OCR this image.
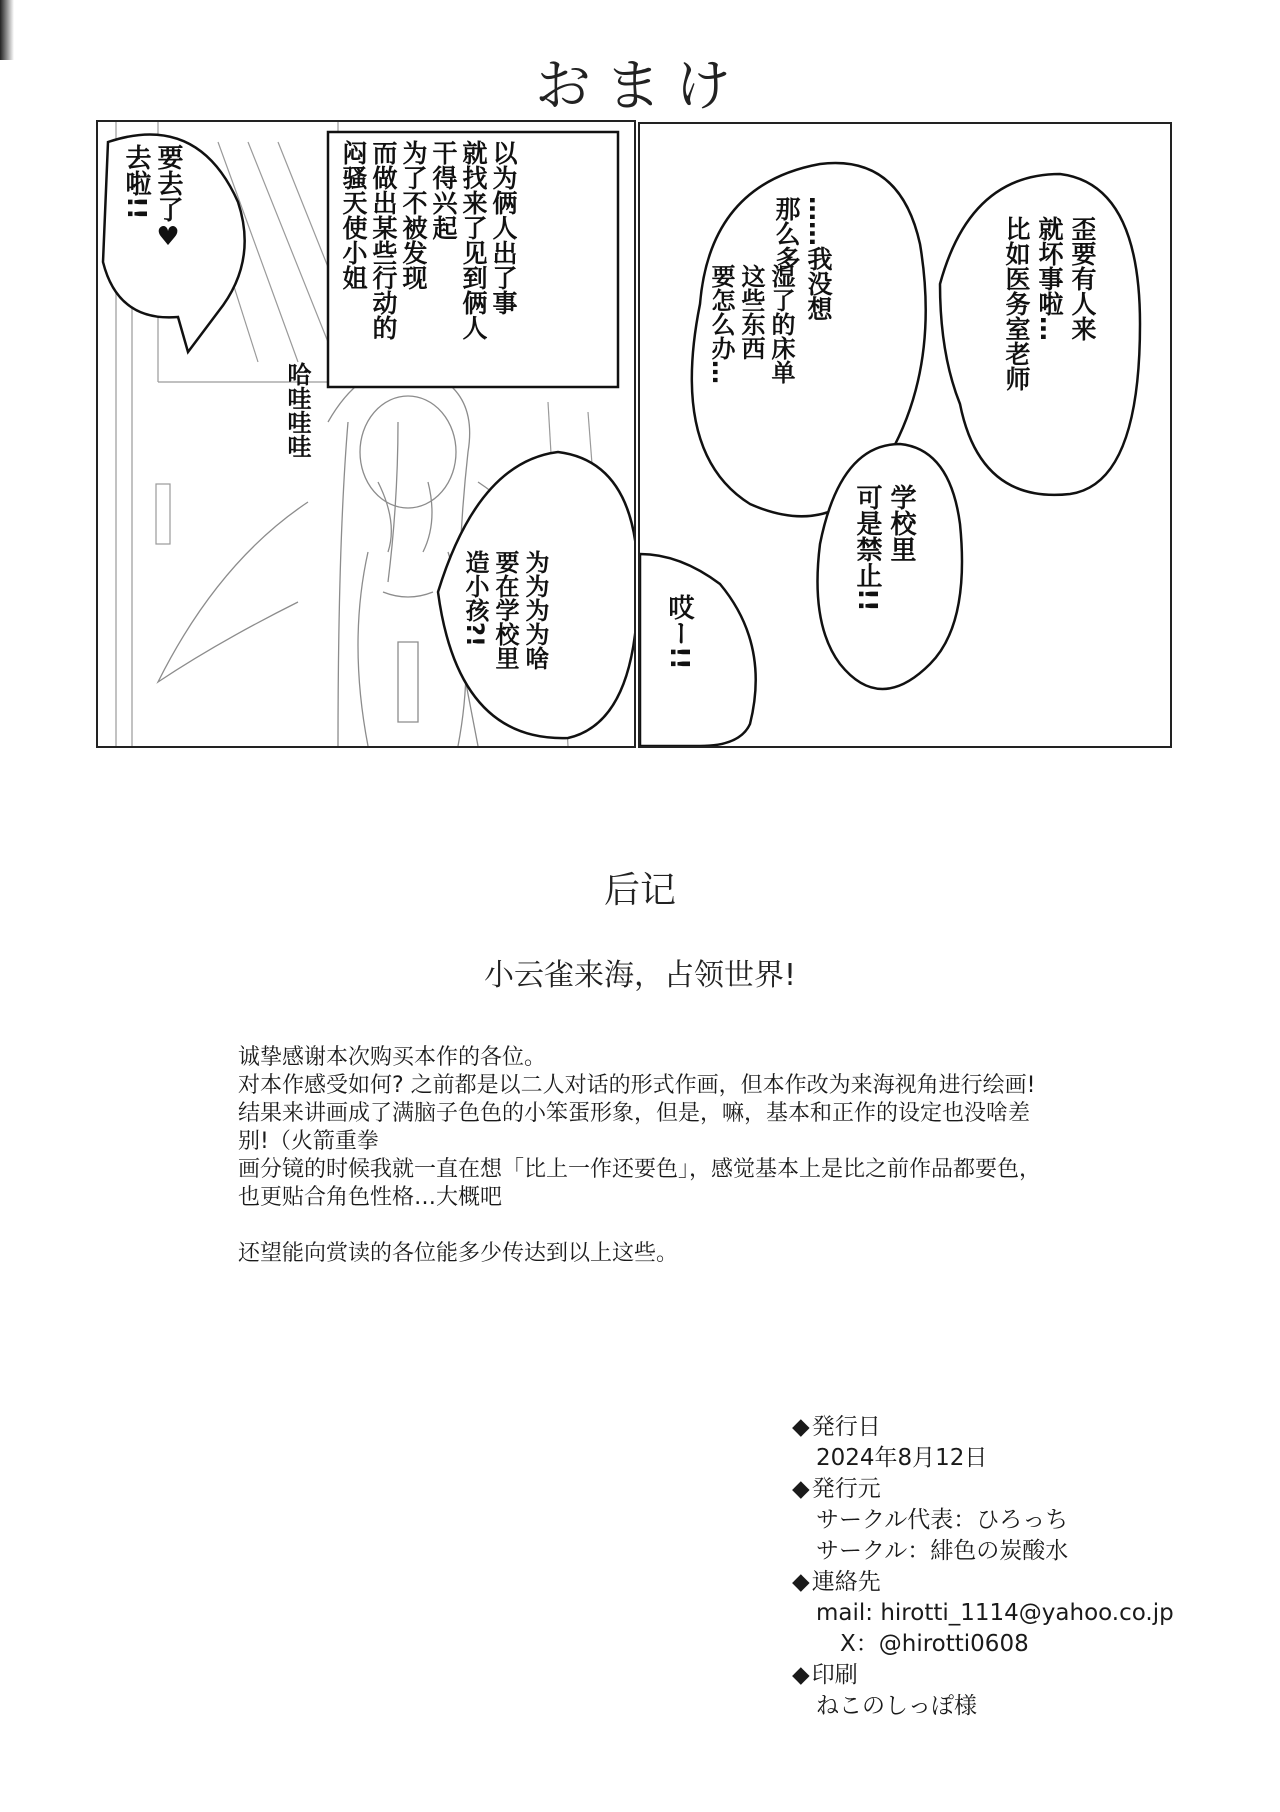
おまけ
要去了♥
去啦!!
哈哇哇哇
以为俩人出了事
就找来了见到俩人
干得兴起
为了不被发现
而做出某些行动的
闷骚天使小姐
为为为为啥
要在学校里
造小孩?!
……我没想
那么多
湿了的床单
这些东西
要怎么办…	歪要有人来
就坏事啦…
比如医务室老师
学校里
可是禁止!!
哎ー!!
后记
小云雀来海，占领世界!

诚挚感谢本次购买本作的各位。

对本作感受如何? 之前都是以二人对话的形式作画，但本作改为来海视角进行绘画!

结果来讲画成了满脑子色色的小笨蛋形象，但是，嘛，基本和正作的设定也没啥差

别!（火箭重拳

画分镜的时候我就一直在想「比上一作还要色」，感觉基本上是比之前作品都要色，

也更贴合角色性格…大概吧

还望能向赏读的各位能多少传达到以上这些。

◆ 発行日

2024年8月12日

◆ 発行元

サークル代表：ひろっち

サークル：緋色の炭酸水

◆ 連絡先

mail: hirotti_1114@yahoo.co.jp

X：@hirotti0608

◆ 印刷

ねこのしっぽ様
